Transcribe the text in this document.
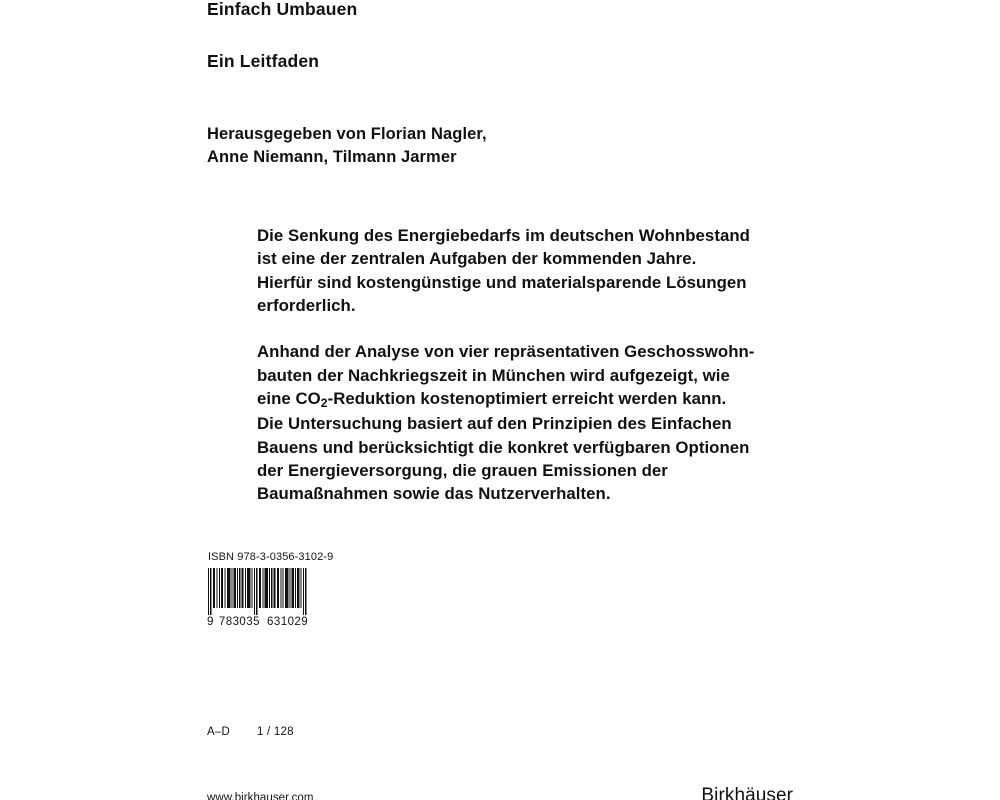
Einfach Umbauen
Ein Leitfaden
Herausgegeben von Florian Nagler,
Anne Niemann, Tilmann Jarmer

Die Senkung des Energiebedarfs im deutschen Wohnbestand
ist eine der zentralen Aufgaben der kommenden Jahre.
Hierfür sind kostengünstige und materialsparende Lösungen
erforderlich.

Anhand der Analyse von vier repräsentativen Geschosswohn-
bauten der Nachkriegszeit in München wird aufgezeigt, wie
eine $CO_2$-Reduktion kostenoptimiert erreicht werden kann.
Die Untersuchung basiert auf den Prinzipien des Einfachen
Bauens und berücksichtigt die konkret verfügbaren Optionen
der Energieversorgung, die grauen Emissionen der
Baumaßnahmen sowie das Nutzerverhalten.

ISBN 978-3-0356-3102-9
9 783035 631029
A–D 1 / 128
www.birkhauser.com	Birkhäuser
